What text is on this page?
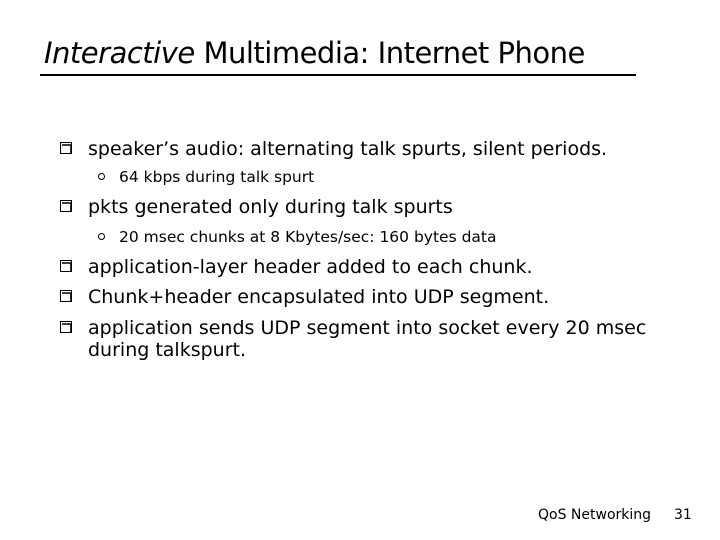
Interactive Multimedia: Internet Phone
speaker’s audio: alternating talk spurts, silent periods.
64 kbps during talk spurt
pkts generated only during talk spurts
20 msec chunks at 8 Kbytes/sec: 160 bytes data
application-layer header added to each chunk.
Chunk+header encapsulated into UDP segment.
application sends UDP segment into socket every 20 msec
during talkspurt.
QoS Networking 31
